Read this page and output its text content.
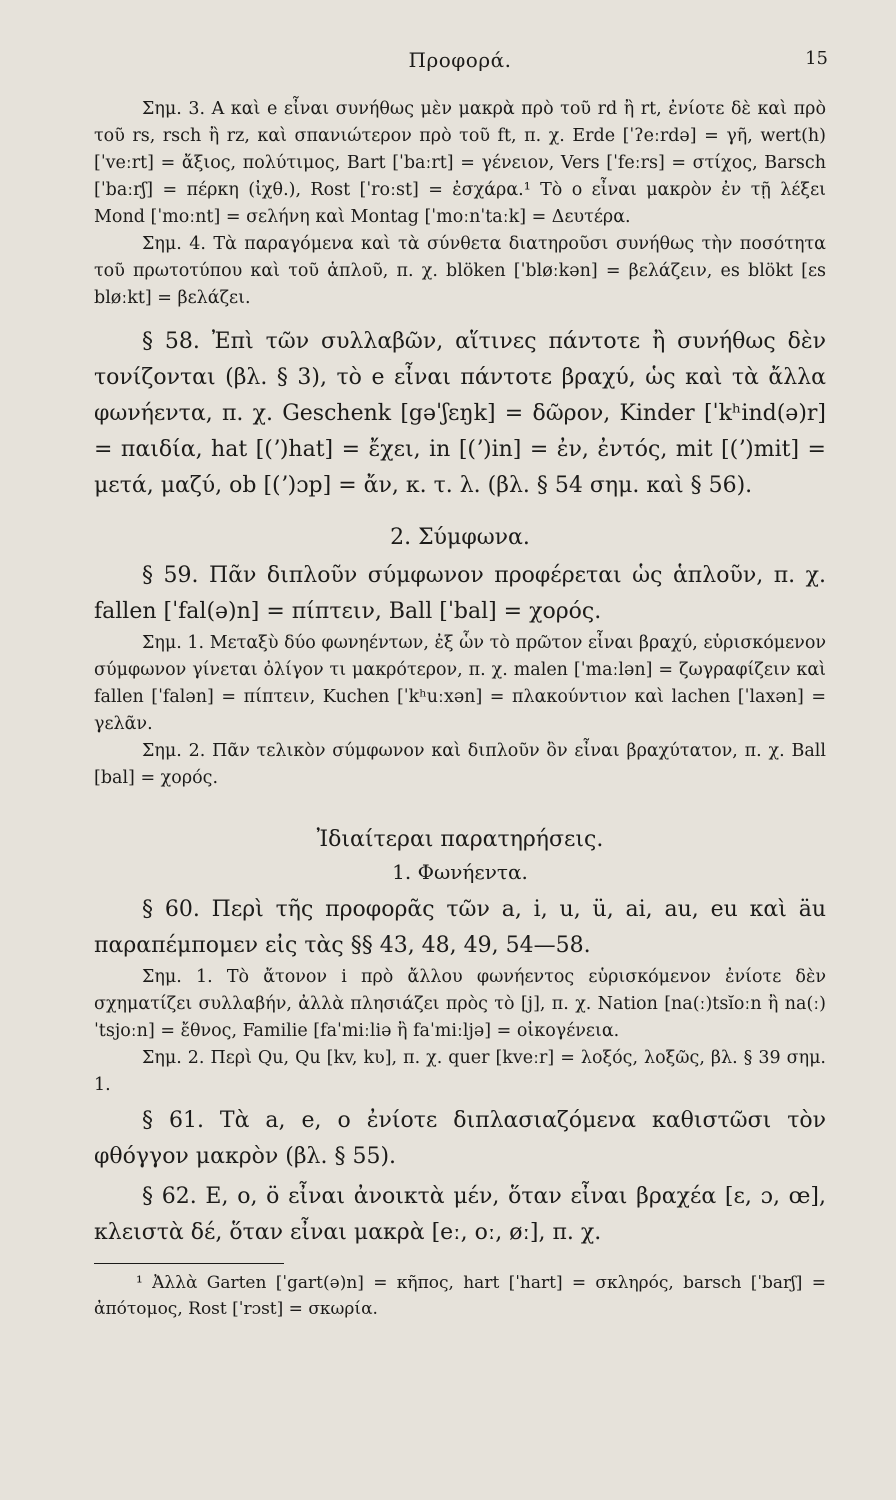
Προφορά.	15

Σημ. 3. Α καὶ e εἶναι συνήθως μὲν μακρὰ πρὸ τοῦ rd ἢ rt, ἐνίοτε δὲ καὶ πρὸ τοῦ rs, rsch ἢ rz, καὶ σπανιώτερον πρὸ τοῦ ft, π. χ. Erde [ˈʔeːrdə] = γῆ, wert(h) [ˈveːrt] = ἄξιος, πολύτιμος, Bart [ˈbaːrt] = γένειον, Vers [ˈfeːrs] = στίχος, Barsch [ˈbaːrʃ] = πέρκη (ἰχθ.), Rost [ˈroːst] = ἐσχάρα.¹ Τὸ o εἶναι μακρὸν ἐν τῇ λέξει Mond [ˈmoːnt] = σελήνη καὶ Montag [ˈmoːnˈtaːk] = Δευτέρα.

Σημ. 4. Τὰ παραγόμενα καὶ τὰ σύνθετα διατηροῦσι συνήθως τὴν ποσότητα τοῦ πρωτοτύπου καὶ τοῦ ἁπλοῦ, π. χ. blöken [ˈbløːkən] = βελάζειν, es blökt [ɛs bløːkt] = βελάζει.

§ 58. Ἐπὶ τῶν συλλαβῶν, αἵτινες πάντοτε ἢ συνήθως δὲν τονίζονται (βλ. § 3), τὸ e εἶναι πάντοτε βραχύ, ὡς καὶ τὰ ἄλλα φωνήεντα, π. χ. Geschenk [gəˈʃɛŋk] = δῶρον, Kinder [ˈkʰind(ə)r] = παιδία, hat [(ʼ)hat] = ἔχει, in [(ʼ)in] = ἐν, ἐντός, mit [(ʼ)mit] = μετά, μαζύ, ob [(ʼ)ɔp] = ἄν, κ. τ. λ. (βλ. § 54 σημ. καὶ § 56).

2. Σύμφωνα.

§ 59. Πᾶν διπλοῦν σύμφωνον προφέρεται ὡς ἁπλοῦν, π. χ. fallen [ˈfal(ə)n] = πίπτειν, Ball [ˈbal] = χορός.

Σημ. 1. Μεταξὺ δύο φωνηέντων, ἐξ ὧν τὸ πρῶτον εἶναι βραχύ, εὑρισκόμενον σύμφωνον γίνεται ὀλίγον τι μακρότερον, π. χ. malen [ˈmaːlən] = ζωγραφίζειν καὶ fallen [ˈfalən] = πίπτειν, Kuchen [ˈkʰuːxən] = πλακούντιον καὶ lachen [ˈlaxən] = γελᾶν.

Σημ. 2. Πᾶν τελικὸν σύμφωνον καὶ διπλοῦν ὂν εἶναι βραχύτατον, π. χ. Ball [bal] = χορός.

Ἰδιαίτεραι παρατηρήσεις.
1. Φωνήεντα.

§ 60. Περὶ τῆς προφορᾶς τῶν a, i, u, ü, ai, au, eu καὶ äu παραπέμπομεν εἰς τὰς §§ 43, 48, 49, 54—58.

Σημ. 1. Τὸ ἄτονον i πρὸ ἄλλου φωνήεντος εὑρισκόμενον ἐνίοτε δὲν σχηματίζει συλλαβήν, ἀλλὰ πλησιάζει πρὸς τὸ [j], π. χ. Nation [na(ː)tsĭoːn ἢ na(ː)ˈtsjoːn] = ἔθνος, Familie [faˈmiːliə ἢ faˈmiːljə] = οἰκογένεια.

Σημ. 2. Περὶ Qu, Qu [kv, kʋ], π. χ. quer [kveːr] = λοξός, λοξῶς, βλ. § 39 σημ. 1.

§ 61. Τὰ a, e, o ἐνίοτε διπλασιαζόμενα καθιστῶσι τὸν φθόγγον μακρὸν (βλ. § 55).

§ 62. E, o, ö εἶναι ἀνοικτὰ μέν, ὅταν εἶναι βραχέα [ɛ, ɔ, œ], κλειστὰ δέ, ὅταν εἶναι μακρὰ [eː, oː, øː], π. χ.

¹ Ἀλλὰ Garten [ˈgart(ə)n] = κῆπος, hart [ˈhart] = σκληρός, barsch [ˈbarʃ] = ἀπότομος, Rost [ˈrɔst] = σκωρία.
